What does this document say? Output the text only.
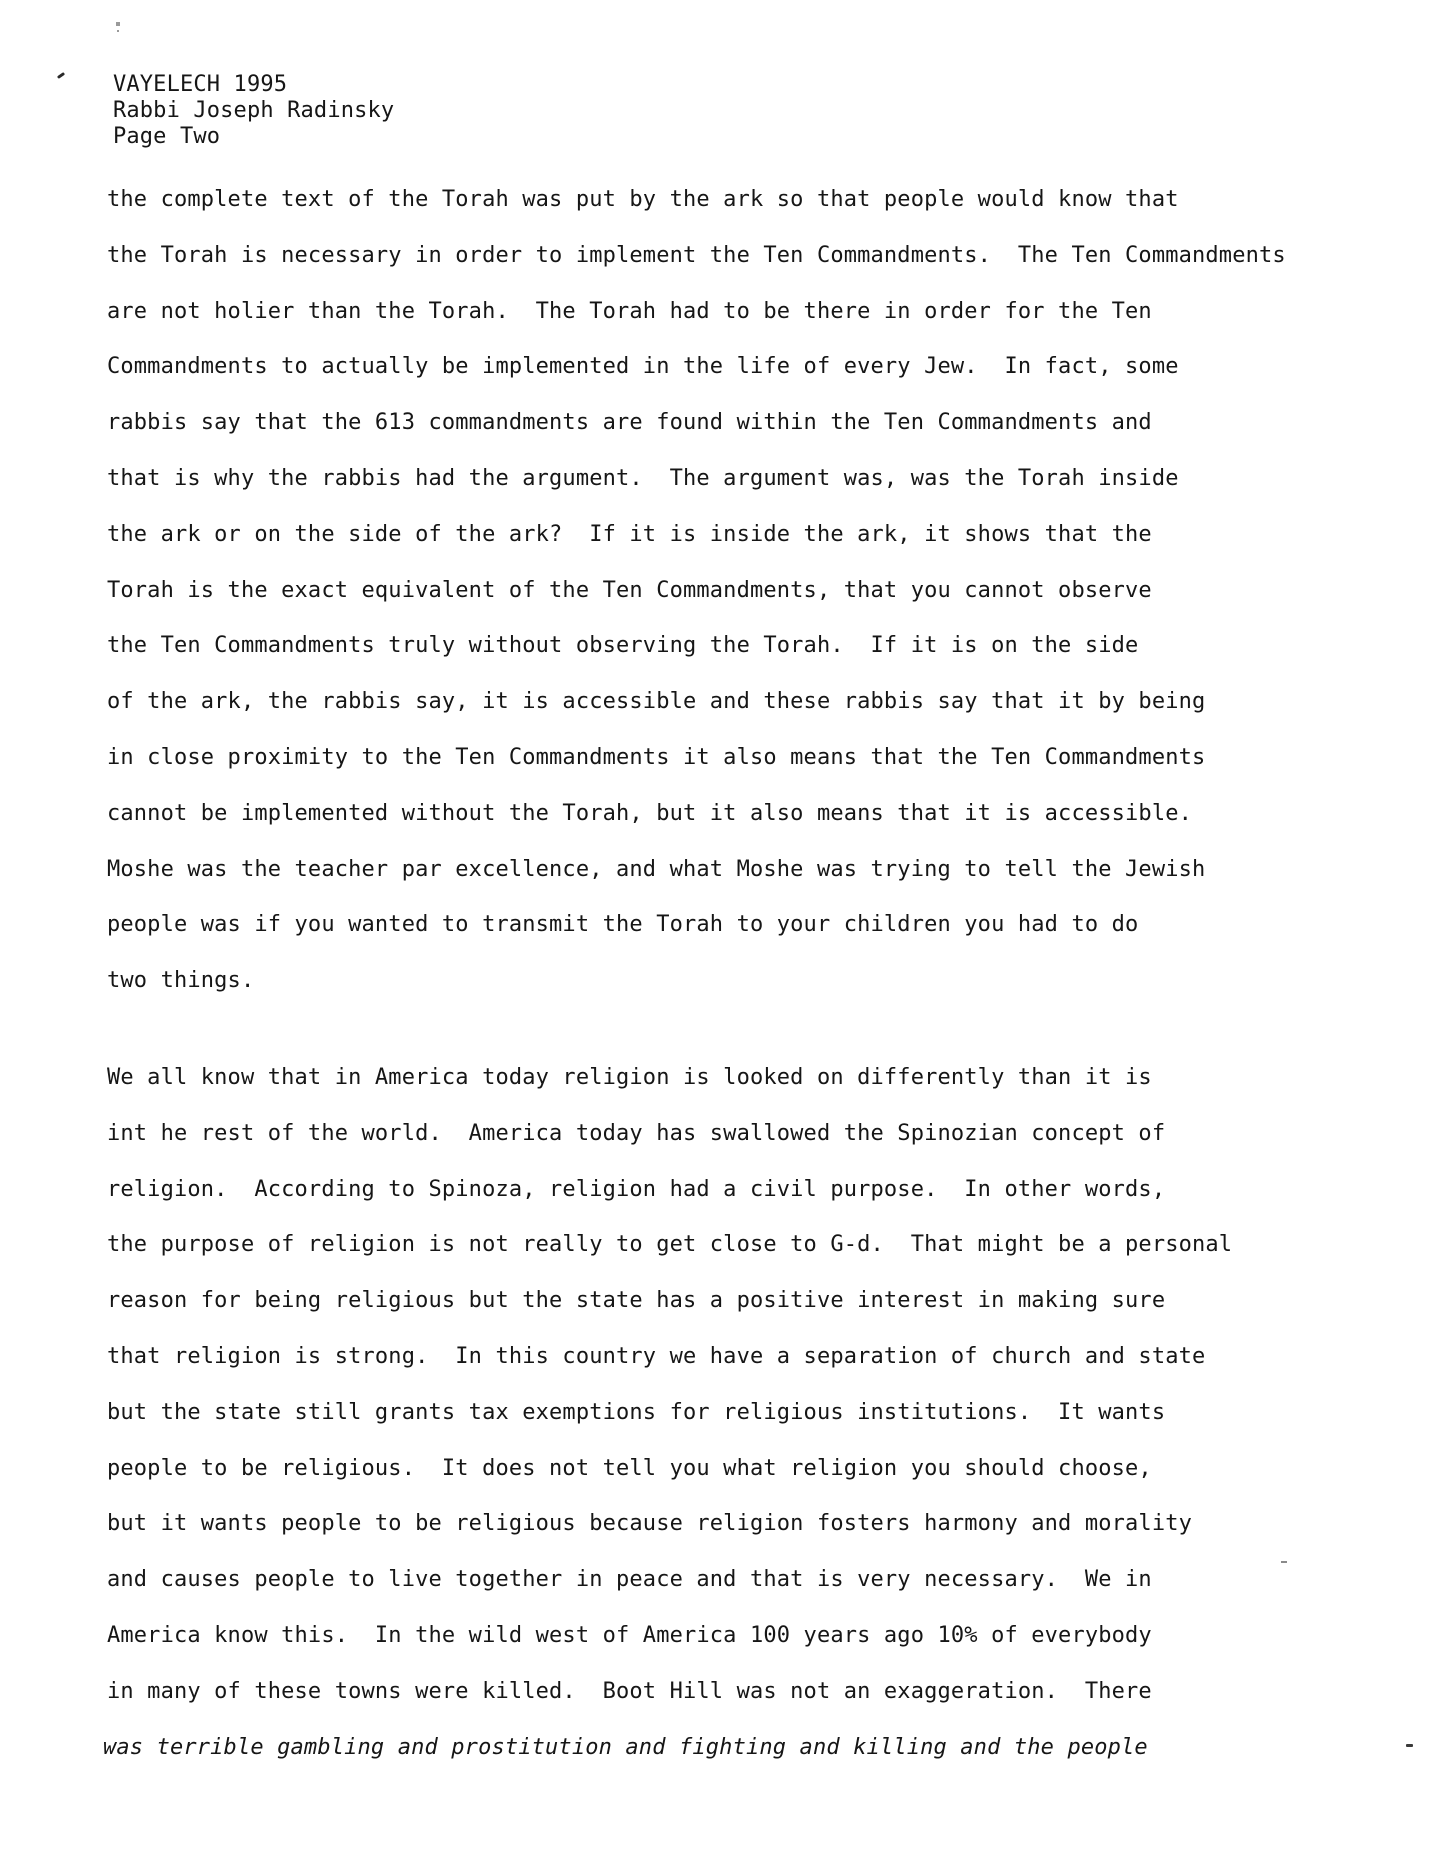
VAYELECH 1995
Rabbi Joseph Radinsky
Page Two
the complete text of the Torah was put by the ark so that people would know that
the Torah is necessary in order to implement the Ten Commandments.  The Ten Commandments
are not holier than the Torah.  The Torah had to be there in order for the Ten
Commandments to actually be implemented in the life of every Jew.  In fact, some
rabbis say that the 613 commandments are found within the Ten Commandments and
that is why the rabbis had the argument.  The argument was, was the Torah inside
the ark or on the side of the ark?  If it is inside the ark, it shows that the
Torah is the exact equivalent of the Ten Commandments, that you cannot observe
the Ten Commandments truly without observing the Torah.  If it is on the side
of the ark, the rabbis say, it is accessible and these rabbis say that it by being
in close proximity to the Ten Commandments it also means that the Ten Commandments
cannot be implemented without the Torah, but it also means that it is accessible.
Moshe was the teacher par excellence, and what Moshe was trying to tell the Jewish
people was if you wanted to transmit the Torah to your children you had to do
two things.
We all know that in America today religion is looked on differently than it is
int he rest of the world.  America today has swallowed the Spinozian concept of
religion.  According to Spinoza, religion had a civil purpose.  In other words,
the purpose of religion is not really to get close to G-d.  That might be a personal
reason for being religious but the state has a positive interest in making sure
that religion is strong.  In this country we have a separation of church and state
but the state still grants tax exemptions for religious institutions.  It wants
people to be religious.  It does not tell you what religion you should choose,
but it wants people to be religious because religion fosters harmony and morality
and causes people to live together in peace and that is very necessary.  We in
America know this.  In the wild west of America 100 years ago 10% of everybody
in many of these towns were killed.  Boot Hill was not an exaggeration.  There
was terrible gambling and prostitution and fighting and killing and the people
